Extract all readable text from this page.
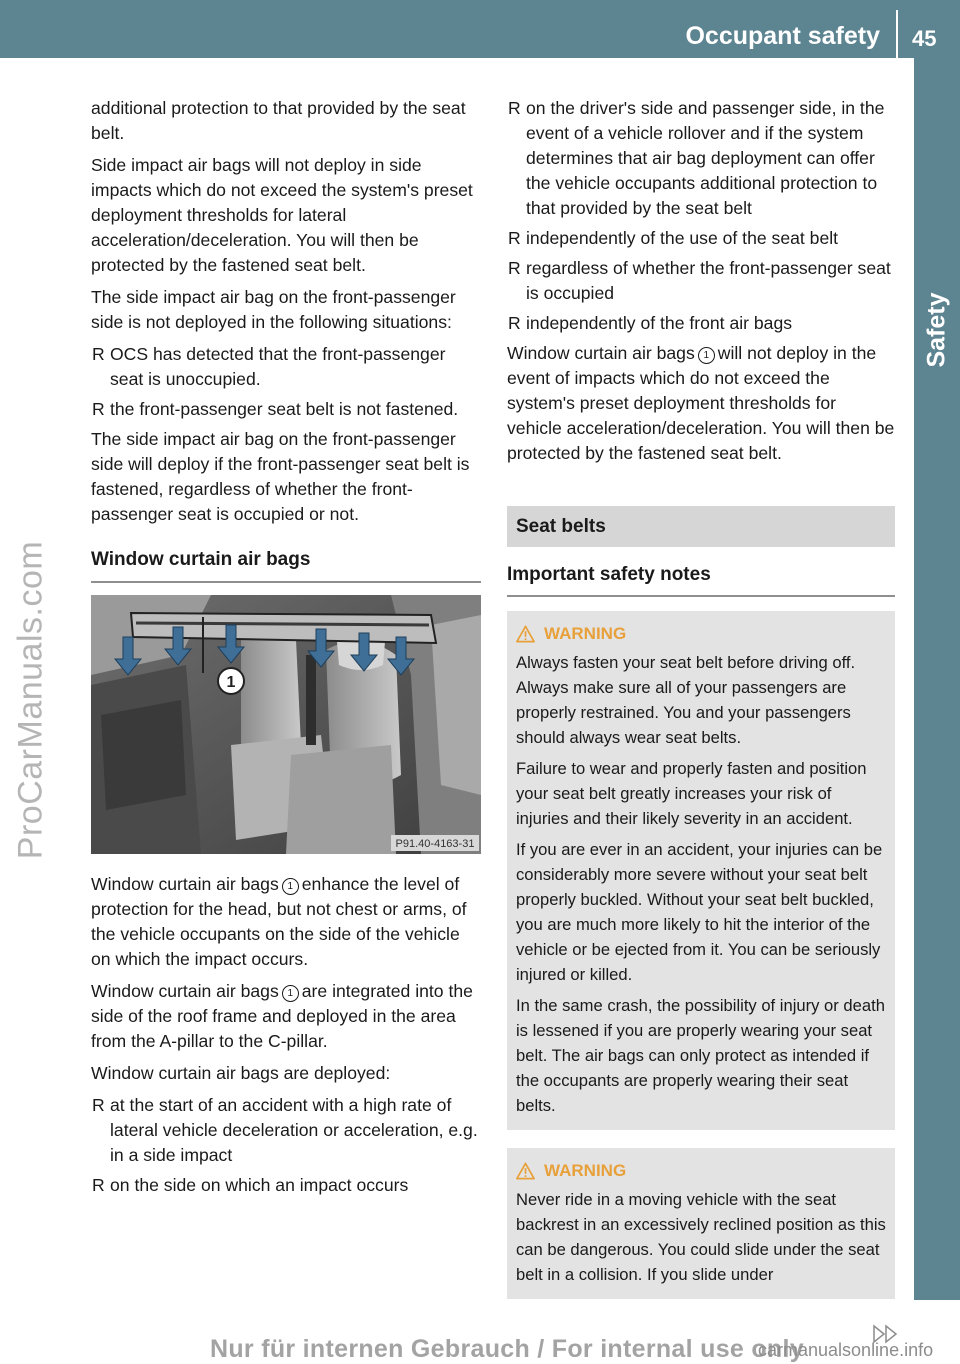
Occupant safety 45
Safety
ProCarManuals.com

additional protection to that provided by the seat belt.

Side impact air bags will not deploy in side impacts which do not exceed the system's preset deployment thresholds for lateral acceleration/deceleration. You will then be protected by the fastened seat belt.

The side impact air bag on the front-passenger side is not deployed in the following situations:

R OCS has detected that the front-passenger seat is unoccupied.
R the front-passenger seat belt is not fastened.

The side impact air bag on the front-passenger side will deploy if the front-passenger seat belt is fastened, regardless of whether the front-passenger seat is occupied or not.

Window curtain air bags
1
P91.40-4163-31

Window curtain air bags 1 enhance the level of protection for the head, but not chest or arms, of the vehicle occupants on the side of the vehicle on which the impact occurs.

Window curtain air bags 1 are integrated into the side of the roof frame and deployed in the area from the A-pillar to the C-pillar.

Window curtain air bags are deployed:

R at the start of an accident with a high rate of lateral vehicle deceleration or acceleration, e.g. in a side impact
R on the side on which an impact occurs
R on the driver's side and passenger side, in the event of a vehicle rollover and if the system determines that air bag deployment can offer the vehicle occupants additional protection to that provided by the seat belt
R independently of the use of the seat belt
R regardless of whether the front-passenger seat is occupied
R independently of the front air bags

Window curtain air bags 1 will not deploy in the event of impacts which do not exceed the system's preset deployment thresholds for vehicle acceleration/deceleration. You will then be protected by the fastened seat belt.

Seat belts
Important safety notes
WARNING

Always fasten your seat belt before driving off. Always make sure all of your passengers are properly restrained. You and your passengers should always wear seat belts.

Failure to wear and properly fasten and position your seat belt greatly increases your risk of injuries and their likely severity in an accident.

If you are ever in an accident, your injuries can be considerably more severe without your seat belt properly buckled. Without your seat belt buckled, you are much more likely to hit the interior of the vehicle or be ejected from it. You can be seriously injured or killed.

In the same crash, the possibility of injury or death is lessened if you are properly wearing your seat belt. The air bags can only protect as intended if the occupants are properly wearing their seat belts.

WARNING

Never ride in a moving vehicle with the seat backrest in an excessively reclined position as this can be dangerous. You could slide under the seat belt in a collision. If you slide under

Nur für internen Gebrauch / For internal use only
carmanualsonline.info
